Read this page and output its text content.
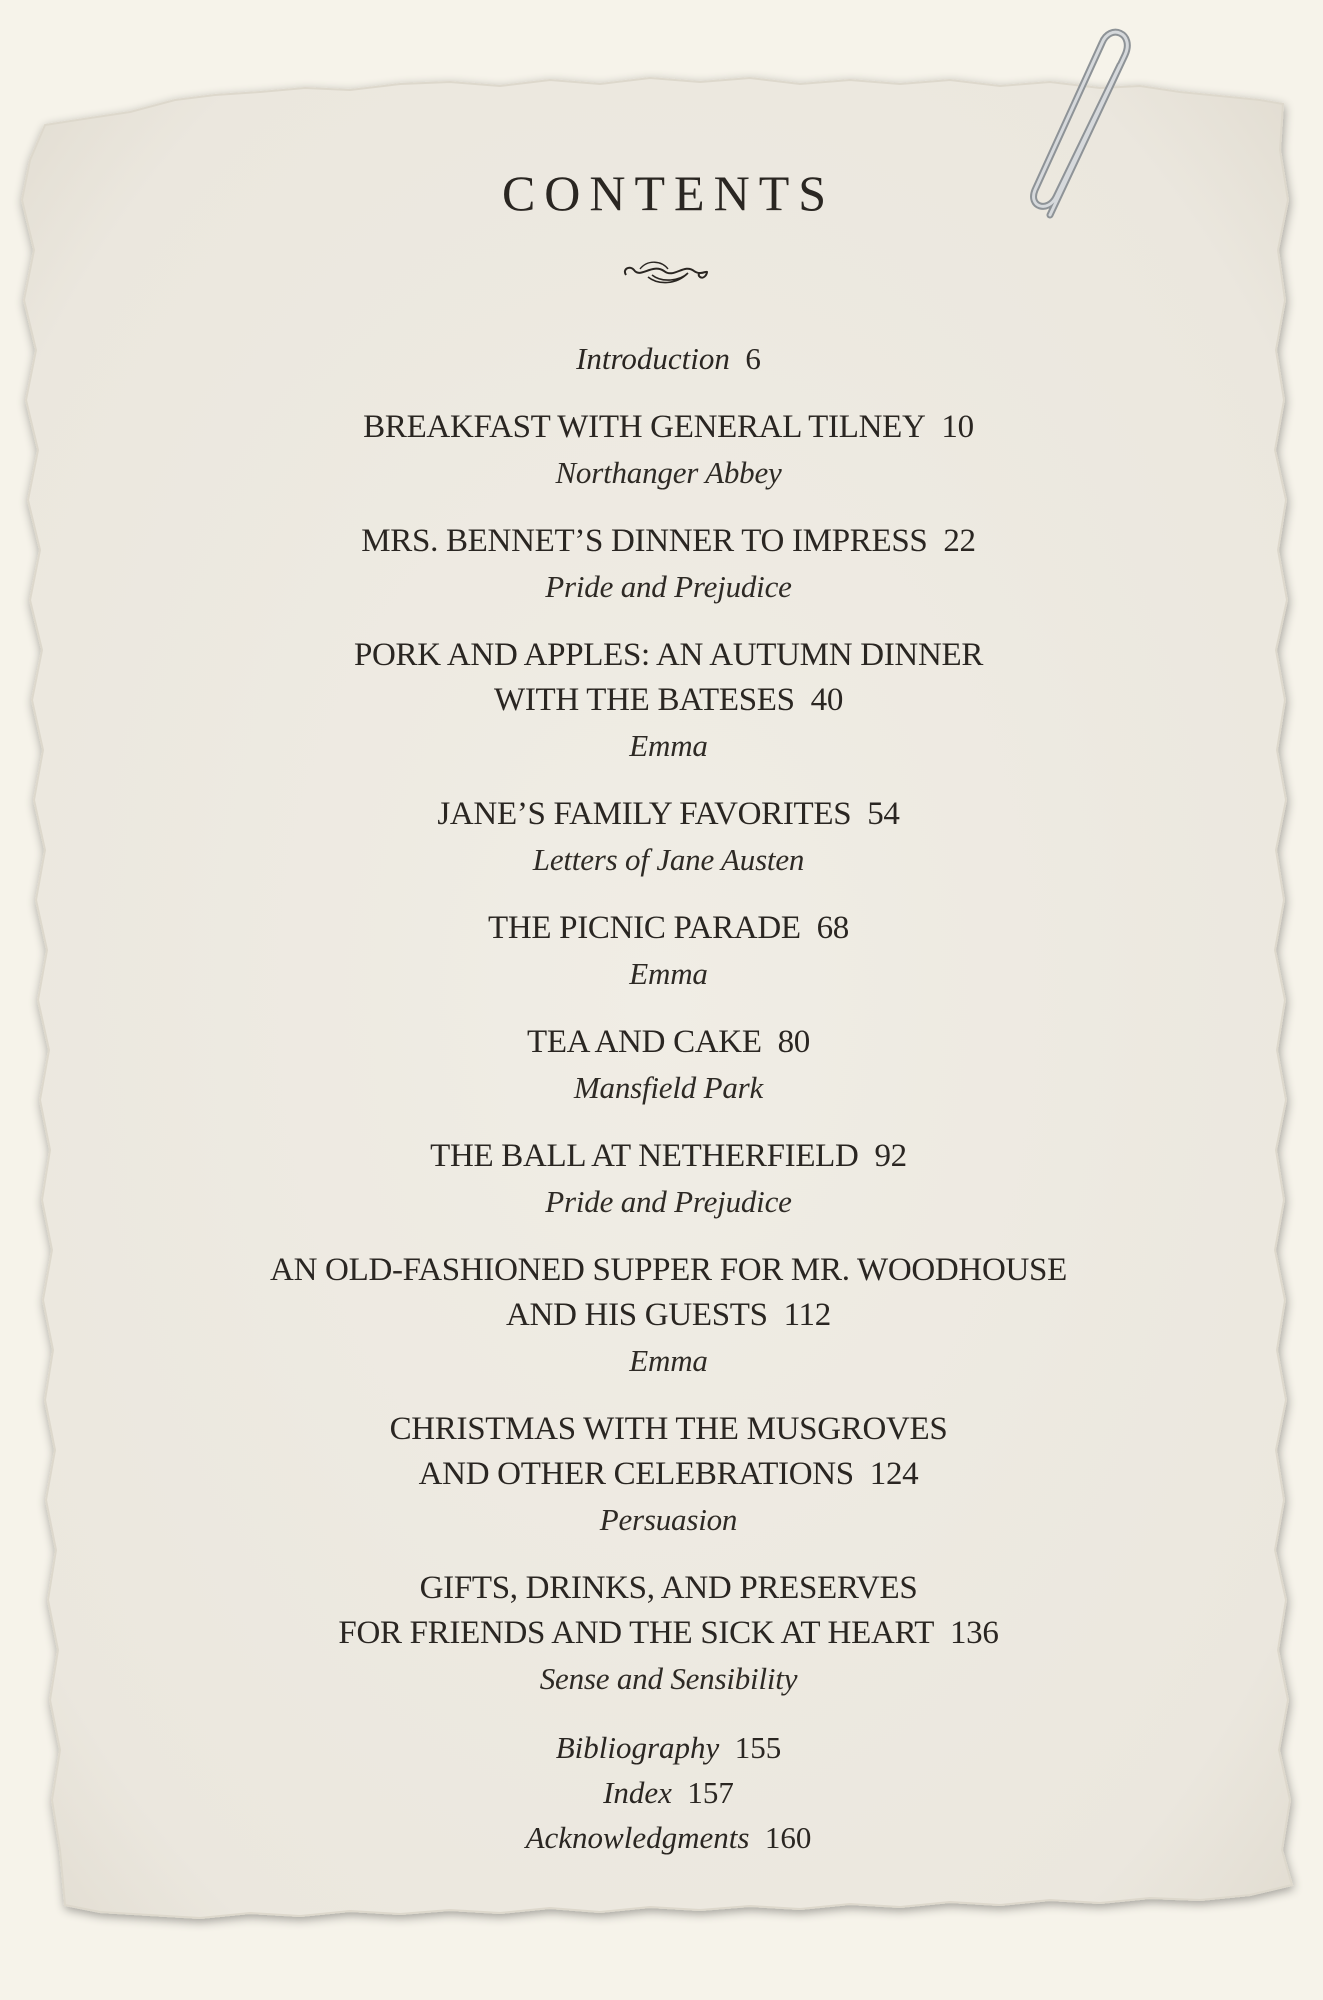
CONTENTS
Introduction 6
BREAKFAST WITH GENERAL TILNEY 10
Northanger Abbey
MRS. BENNET’S DINNER TO IMPRESS 22
Pride and Prejudice
PORK AND APPLES: AN AUTUMN DINNER
WITH THE BATESES 40
Emma
JANE’S FAMILY FAVORITES 54
Letters of Jane Austen
THE PICNIC PARADE 68
Emma
TEA AND CAKE 80
Mansfield Park
THE BALL AT NETHERFIELD 92
Pride and Prejudice
AN OLD-FASHIONED SUPPER FOR MR. WOODHOUSE
AND HIS GUESTS 112
Emma
CHRISTMAS WITH THE MUSGROVES
AND OTHER CELEBRATIONS 124
Persuasion
GIFTS, DRINKS, AND PRESERVES
FOR FRIENDS AND THE SICK AT HEART 136
Sense and Sensibility
Bibliography 155
Index 157
Acknowledgments 160
